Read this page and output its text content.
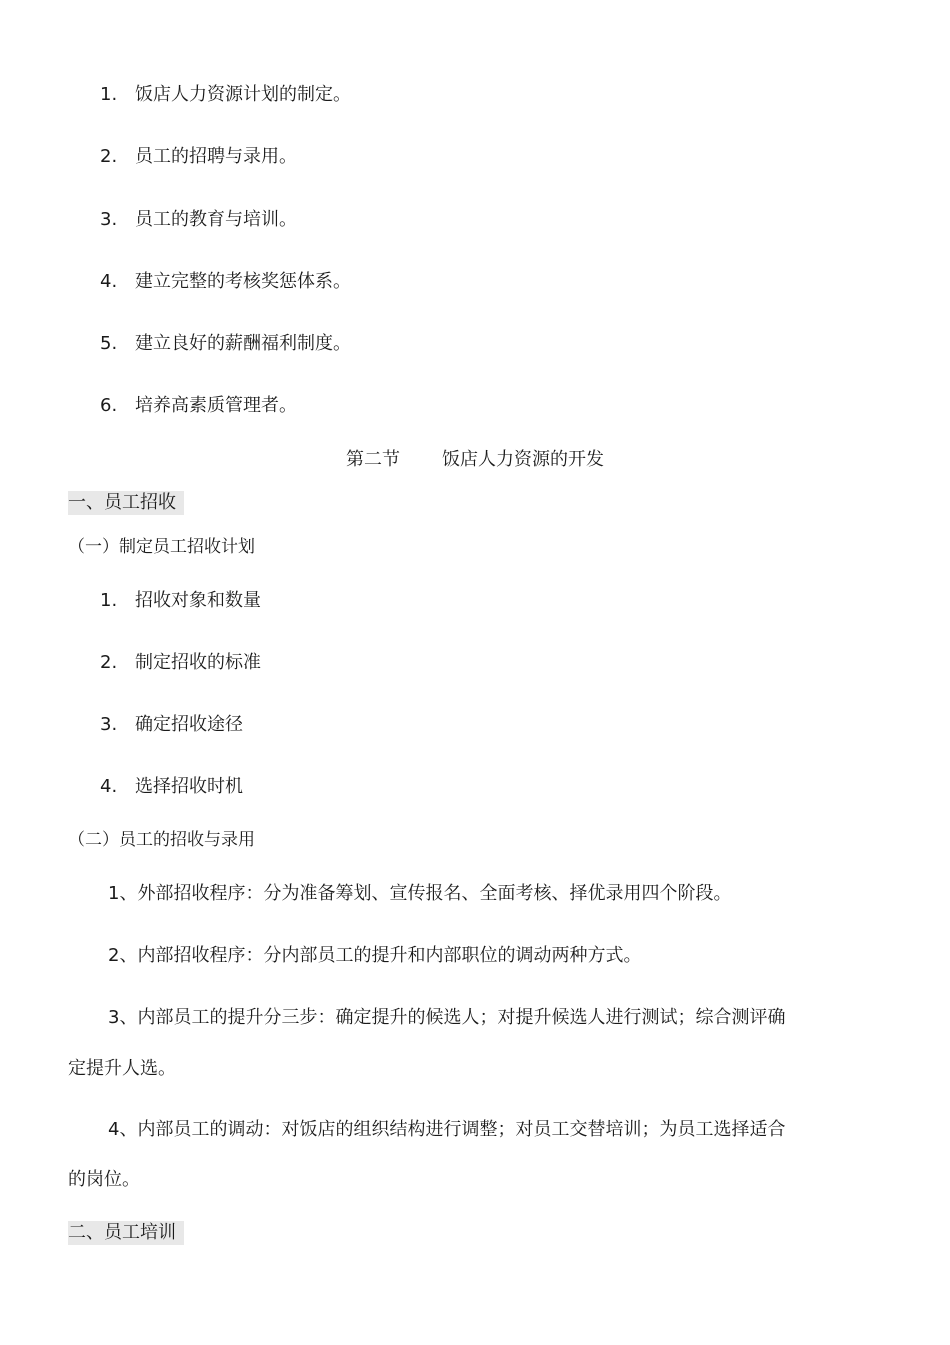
1. 饭店人力资源计划的制定。
2. 员工的招聘与录用。
3. 员工的教育与培训。
4. 建立完整的考核奖惩体系。
5. 建立良好的薪酬福利制度。
6. 培养高素质管理者。
第二节 饭店人力资源的开发
一、员工招收
（一）制定员工招收计划
1. 招收对象和数量
2. 制定招收的标准
3. 确定招收途径
4. 选择招收时机
（二）员工的招收与录用
1、外部招收程序：分为准备筹划、宣传报名、全面考核、择优录用四个阶段。
2、内部招收程序：分内部员工的提升和内部职位的调动两种方式。
3、内部员工的提升分三步：确定提升的候选人；对提升候选人进行测试；综合测评确
定提升人选。
4、内部员工的调动：对饭店的组织结构进行调整；对员工交替培训；为员工选择适合
的岗位。
二、员工培训
